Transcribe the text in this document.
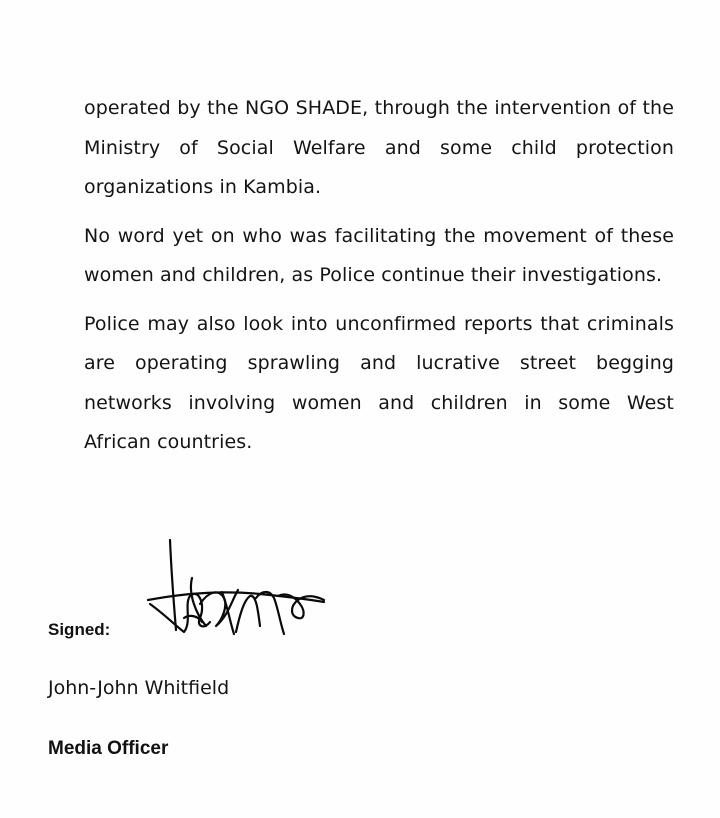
operated by the NGO SHADE, through the intervention of the Ministry of Social Welfare and some child protection organizations in Kambia.

No word yet on who was facilitating the movement of these women and children, as Police continue their investigations.

Police may also look into unconfirmed reports that criminals are operating sprawling and lucrative street begging networks involving women and children in some West African countries.

Signed:
John-John Whitfield
Media Officer
